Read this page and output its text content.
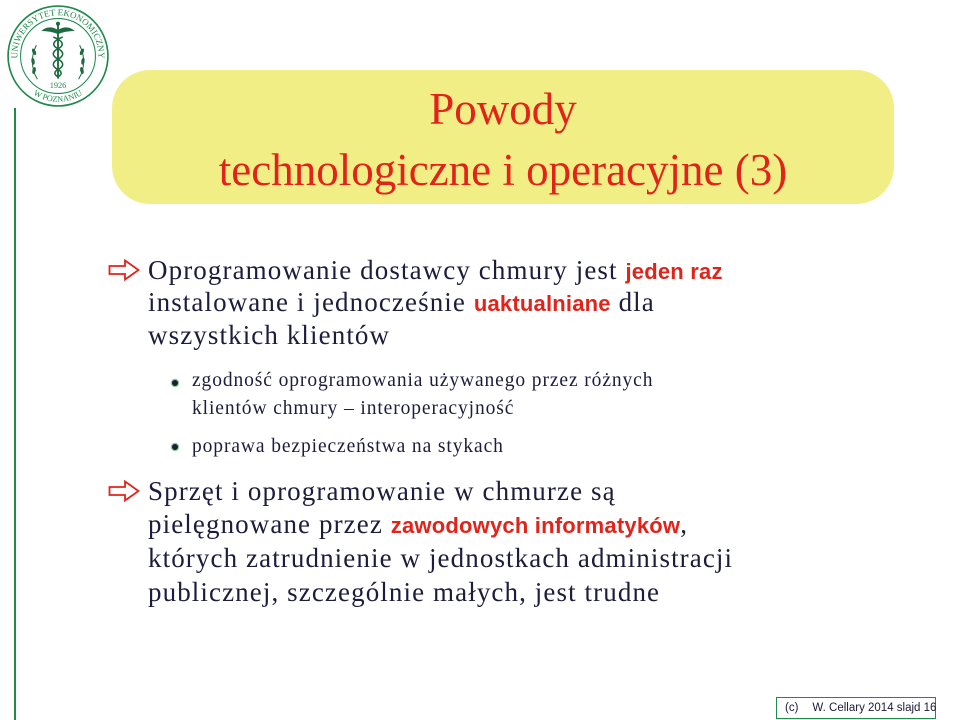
UNIWERSYTET EKONOMICZNY
W POZNANIU
1926	Powody
technologiczne i operacyjne (3)
Oprogramowanie dostawcy chmury jest jeden raz
instalowane i jednocześnie uaktualniane dla
wszystkich klientów
zgodność oprogramowania używanego przez różnych
klientów chmury – interoperacyjność
poprawa bezpieczeństwa na stykach
Sprzęt i oprogramowanie w chmurze są
pielęgnowane przez zawodowych informatyków,
których zatrudnienie w jednostkach administracji
publicznej, szczególnie małych, jest trudne
(c) W. Cellary 2014 slajd 16
